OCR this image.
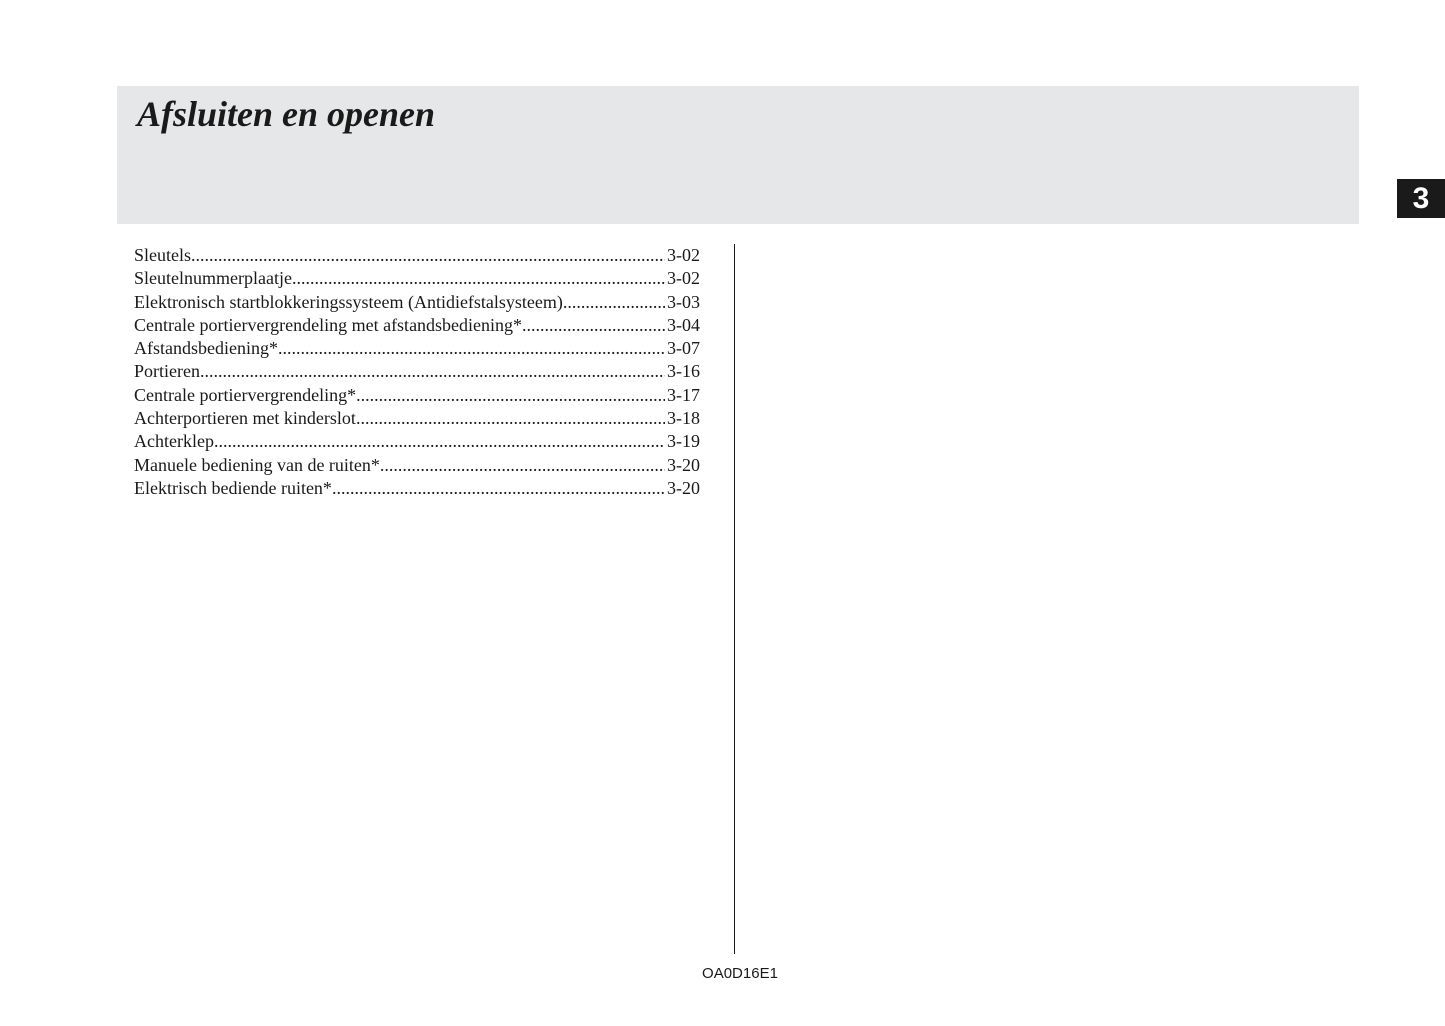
Afsluiten en openen
3
Sleutels .....	3-02
Sleutelnummerplaatje .....	3-02
Elektronisch startblokkeringssysteem (Antidiefstalsysteem) .....	3-03
Centrale portiervergrendeling met afstandsbediening* .....	3-04
Afstandsbediening* .....	3-07
Portieren .....	3-16
Centrale portiervergrendeling* .....	3-17
Achterportieren met kinderslot .....	3-18
Achterklep .....	3-19
Manuele bediening van de ruiten* .....	3-20
Elektrisch bediende ruiten* .....	3-20
OA0D16E1
